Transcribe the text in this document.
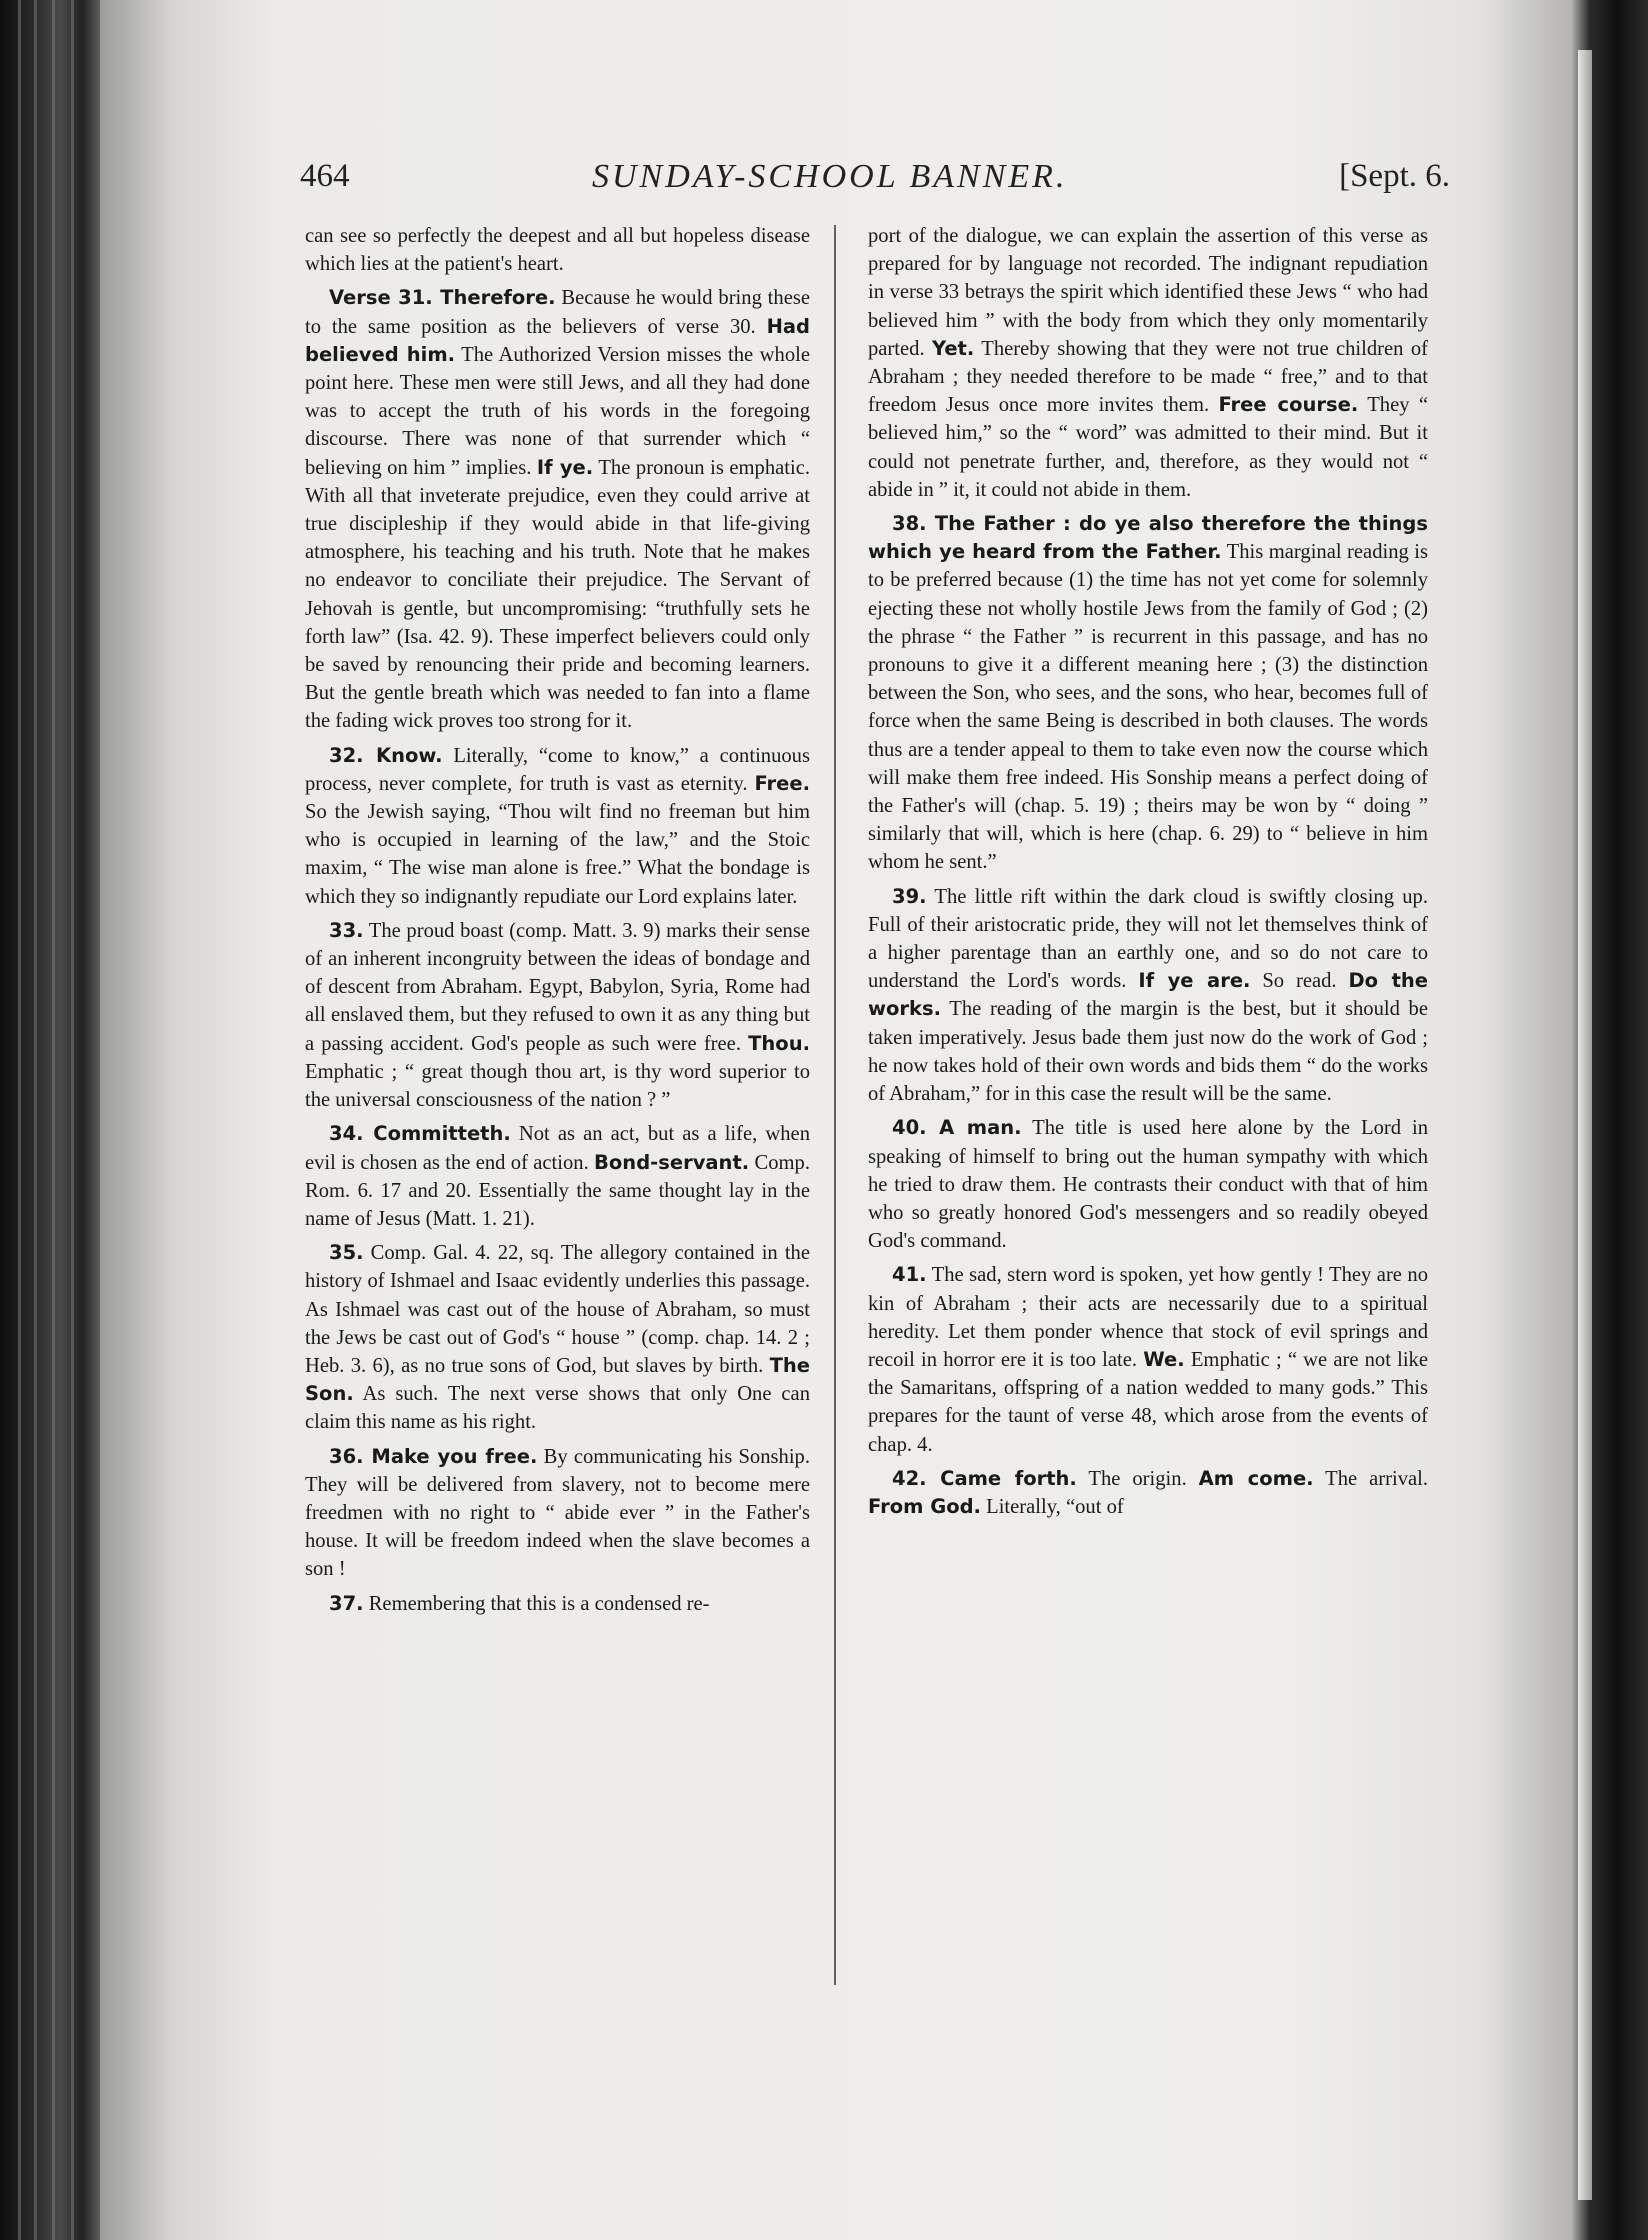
464	SUNDAY-SCHOOL BANNER.	[Sept. 6.

can see so perfectly the deepest and all but hopeless disease which lies at the patient's heart.

Verse 31. Therefore. Because he would bring these to the same position as the believers of verse 30. Had believed him. The Authorized Version misses the whole point here. These men were still Jews, and all they had done was to accept the truth of his words in the foregoing discourse. There was none of that surrender which “ believing on him ” implies. If ye. The pronoun is emphatic. With all that inveterate prejudice, even they could arrive at true discipleship if they would abide in that life-giving atmosphere, his teaching and his truth. Note that he makes no endeavor to conciliate their prejudice. The Servant of Jehovah is gentle, but uncompromising: “truthfully sets he forth law” (Isa. 42. 9). These imperfect believers could only be saved by renouncing their pride and becoming learners. But the gentle breath which was needed to fan into a flame the fading wick proves too strong for it.

32. Know. Literally, “come to know,” a continuous process, never complete, for truth is vast as eternity. Free. So the Jewish saying, “Thou wilt find no freeman but him who is occupied in learning of the law,” and the Stoic maxim, “ The wise man alone is free.” What the bondage is which they so indignantly repudiate our Lord explains later.

33. The proud boast (comp. Matt. 3. 9) marks their sense of an inherent incongruity between the ideas of bondage and of descent from Abraham. Egypt, Babylon, Syria, Rome had all enslaved them, but they refused to own it as any thing but a passing accident. God's people as such were free. Thou. Emphatic ; “ great though thou art, is thy word superior to the universal consciousness of the nation ? ”

34. Committeth. Not as an act, but as a life, when evil is chosen as the end of action. Bond-servant. Comp. Rom. 6. 17 and 20. Essentially the same thought lay in the name of Jesus (Matt. 1. 21).

35. Comp. Gal. 4. 22, sq. The allegory contained in the history of Ishmael and Isaac evidently underlies this passage. As Ishmael was cast out of the house of Abraham, so must the Jews be cast out of God's “ house ” (comp. chap. 14. 2 ; Heb. 3. 6), as no true sons of God, but slaves by birth. The Son. As such. The next verse shows that only One can claim this name as his right.

36. Make you free. By communicating his Sonship. They will be delivered from slavery, not to become mere freedmen with no right to “ abide ever ” in the Father's house. It will be freedom indeed when the slave becomes a son !

37. Remembering that this is a condensed re-

port of the dialogue, we can explain the assertion of this verse as prepared for by language not recorded. The indignant repudiation in verse 33 betrays the spirit which identified these Jews “ who had believed him ” with the body from which they only momentarily parted. Yet. Thereby showing that they were not true children of Abraham ; they needed therefore to be made “ free,” and to that freedom Jesus once more invites them. Free course. They “ believed him,” so the “ word” was admitted to their mind. But it could not penetrate further, and, therefore, as they would not “ abide in ” it, it could not abide in them.

38. The Father : do ye also therefore the things which ye heard from the Father. This marginal reading is to be preferred because (1) the time has not yet come for solemnly ejecting these not wholly hostile Jews from the family of God ; (2) the phrase “ the Father ” is recurrent in this passage, and has no pronouns to give it a different meaning here ; (3) the distinction between the Son, who sees, and the sons, who hear, becomes full of force when the same Being is described in both clauses. The words thus are a tender appeal to them to take even now the course which will make them free indeed. His Sonship means a perfect doing of the Father's will (chap. 5. 19) ; theirs may be won by “ doing ” similarly that will, which is here (chap. 6. 29) to “ believe in him whom he sent.”

39. The little rift within the dark cloud is swiftly closing up. Full of their aristocratic pride, they will not let themselves think of a higher parentage than an earthly one, and so do not care to understand the Lord's words. If ye are. So read. Do the works. The reading of the margin is the best, but it should be taken imperatively. Jesus bade them just now do the work of God ; he now takes hold of their own words and bids them “ do the works of Abraham,” for in this case the result will be the same.

40. A man. The title is used here alone by the Lord in speaking of himself to bring out the human sympathy with which he tried to draw them. He contrasts their conduct with that of him who so greatly honored God's messengers and so readily obeyed God's command.

41. The sad, stern word is spoken, yet how gently ! They are no kin of Abraham ; their acts are necessarily due to a spiritual heredity. Let them ponder whence that stock of evil springs and recoil in horror ere it is too late. We. Emphatic ; “ we are not like the Samaritans, offspring of a nation wedded to many gods.” This prepares for the taunt of verse 48, which arose from the events of chap. 4.

42. Came forth. The origin. Am come. The arrival. From God. Literally, “out of
